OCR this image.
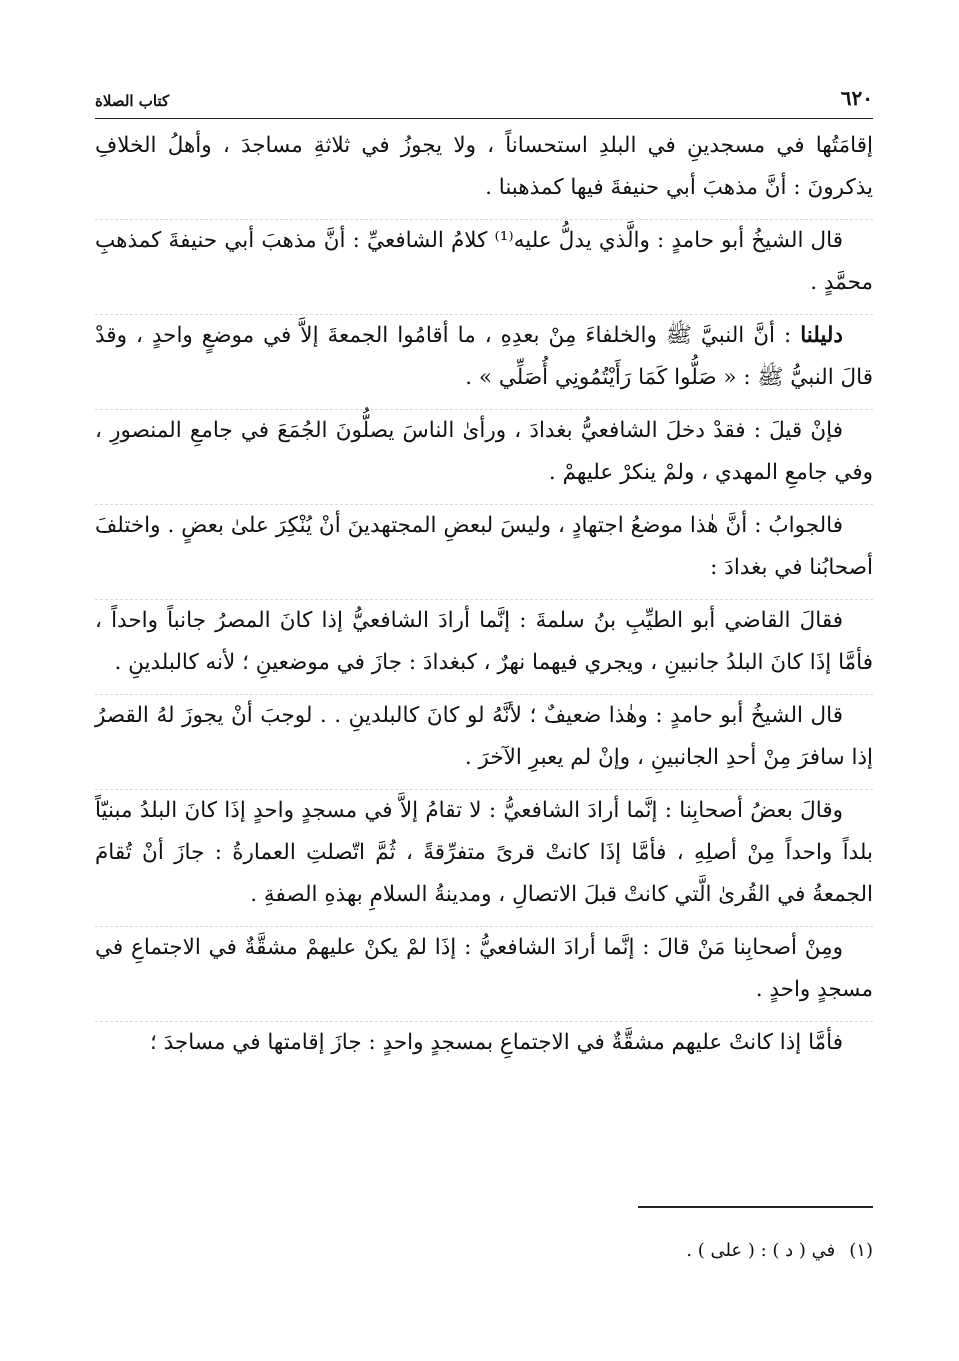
٦٢٠
كتاب الصلاة

إقامَتُها في مسجدينِ في البلدِ استحساناً ، ولا يجوزُ في ثلاثةِ مساجدَ ، وأهلُ الخلافِ يذكرونَ : أنَّ مذهبَ أبي حنيفةَ فيها كمذهبنا .

قال الشيخُ أبو حامدٍ : والَّذي يدلُّ عليه⁽¹⁾ كلامُ الشافعيِّ : أنَّ مذهبَ أبي حنيفةَ كمذهبِ محمَّدٍ .

دليلنا : أنَّ النبيَّ ﷺ والخلفاءَ مِنْ بعدِهِ ، ما أقامُوا الجمعةَ إلاَّ في موضعٍ واحدٍ ، وقدْ قالَ النبيُّ ﷺ : « صَلُّوا كَمَا رَأَيْتُمُونِي أُصَلِّي » .

فإنْ قيلَ : فقدْ دخلَ الشافعيُّ بغدادَ ، ورأىٰ الناسَ يصلُّونَ الجُمَعَ في جامعِ المنصورِ ، وفي جامعِ المهدي ، ولمْ ينكرْ عليهمْ .

فالجوابُ : أنَّ هٰذا موضعُ اجتهادٍ ، وليسَ لبعضِ المجتهدينَ أنْ يُنْكِرَ علىٰ بعضٍ . واختلفَ أصحابُنا في بغدادَ :

فقالَ القاضي أبو الطيِّبِ بنُ سلمةَ : إنَّما أرادَ الشافعيُّ إذا كانَ المصرُ جانباً واحداً ، فأمَّا إذَا كانَ البلدُ جانبينِ ، ويجري فيهما نهرٌ ، كبغدادَ : جازَ في موضعينِ ؛ لأنه كالبلدينِ .

قال الشيخُ أبو حامدٍ : وهٰذا ضعيفٌ ؛ لأنَّهُ لو كانَ كالبلدينِ . . لوجبَ أنْ يجوزَ لهُ القصرُ إذا سافرَ مِنْ أحدِ الجانبينِ ، وإنْ لم يعبرِ الآخرَ .

وقالَ بعضُ أصحابِنا : إنَّما أرادَ الشافعيُّ : لا تقامُ إلاَّ في مسجدٍ واحدٍ إذَا كانَ البلدُ مبنيّاً بلداً واحداً مِنْ أصلِهِ ، فأمَّا إذَا كانتْ قرىً متفرِّقةً ، ثُمَّ اتّصلتِ العمارةُ : جازَ أنْ تُقامَ الجمعةُ في القُرىٰ الَّتي كانتْ قبلَ الاتصالِ ، ومدينةُ السلامِ بهذهِ الصفةِ .

ومِنْ أصحابِنا مَنْ قالَ : إنَّما أرادَ الشافعيُّ : إذَا لمْ يكنْ عليهمْ مشقَّةٌ في الاجتماعِ في مسجدٍ واحدٍ .

فأمَّا إذا كانتْ عليهم مشقَّةٌ في الاجتماعِ بمسجدٍ واحدٍ : جازَ إقامتها في مساجدَ ؛

(١)في ( د ) : ( على ) .
